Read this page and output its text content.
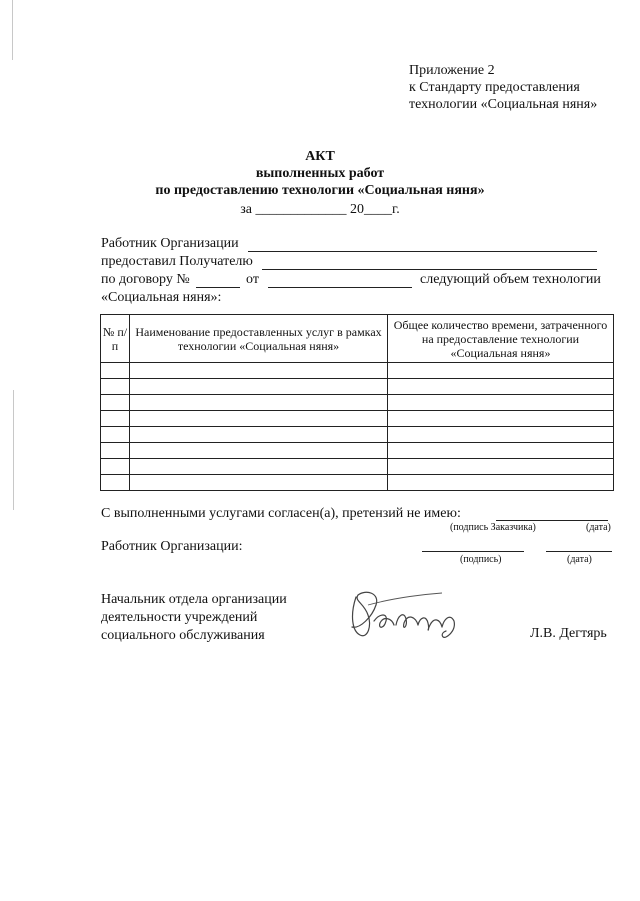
Приложение 2
к Стандарту предоставления
технологии «Социальная няня»
АКТ
выполненных работ
по предоставлению технологии «Социальная няня»
за _____________ 20____г.
Работник Организации
предоставил Получателю
по договору №	от	следующий объем технологии
«Социальная няня»:
№ п/п	Наименование предоставленных услуг в рамках технологии «Социальная няня»	Общее количество времени, затраченного на предоставление технологии «Социальная няня»

С выполненными услугами согласен(а), претензий не имею:
(подпись Заказчика)	(дата)
Работник Организации:
(подпись)	(дата)
Начальник отдела организации
деятельности учреждений
социального обслуживания	Л.В. Дегтярь
